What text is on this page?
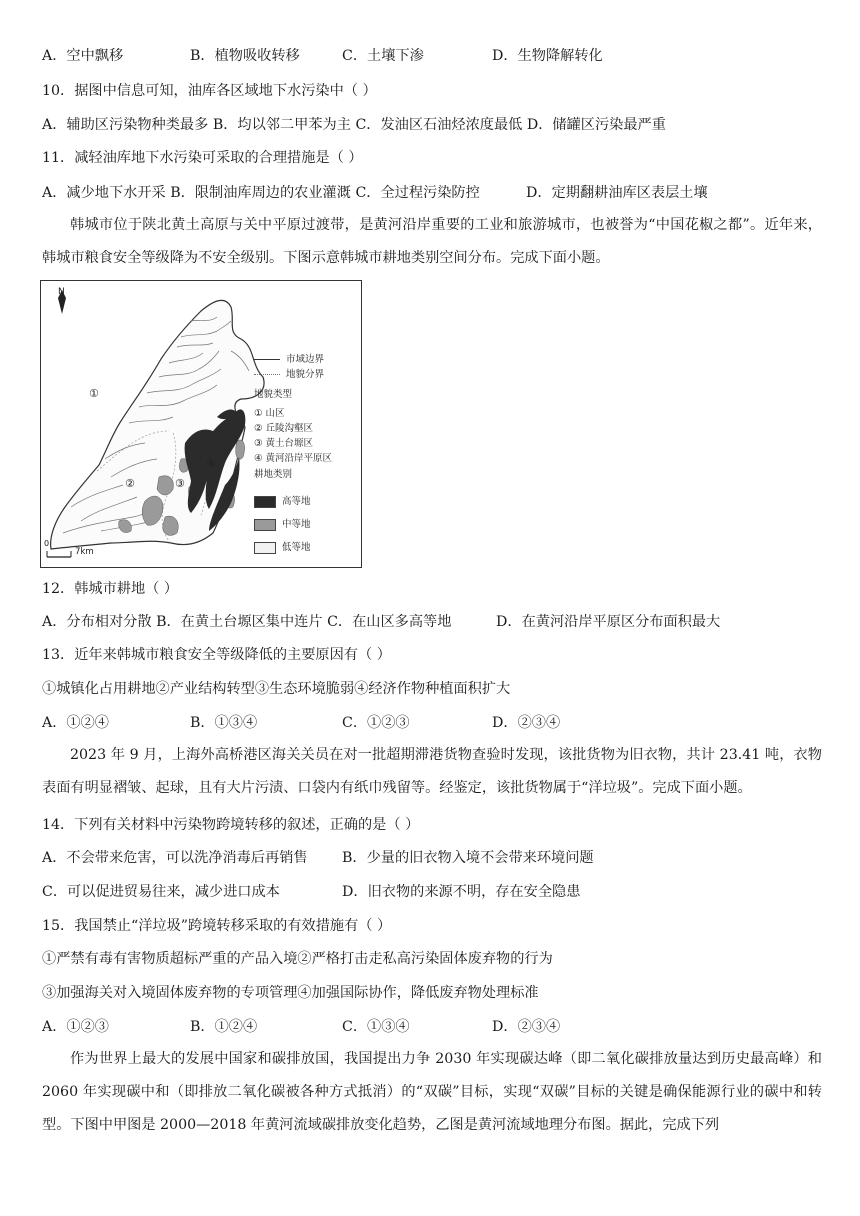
A．空中飘移	B．植物吸收转移	C．土壤下渗	D．生物降解转化
10．据图中信息可知，油库各区域地下水污染中（ ）
A．辅助区污染物种类最多 B．均以邻二甲苯为主 C．发油区石油烃浓度最低 D．储罐区污染最严重
11．减轻油库地下水污染可采取的合理措施是（ ）
A．减少地下水开采 B．限制油库周边的农业灌溉 C．全过程污染防控	D．定期翻耕油库区表层土壤
韩城市位于陕北黄土高原与关中平原过渡带，是黄河沿岸重要的工业和旅游城市，也被誉为“中国花椒之都”。近年来，韩城市粮食安全等级降为不安全级别。下图示意韩城市耕地类别空间分布。完成下面小题。
①
②	③
④
N
0
7km
市域边界
地貌分界
地貌类型
① 山区
② 丘陵沟壑区
③ 黄土台塬区
④ 黄河沿岸平原区
耕地类别
高等地
中等地
低等地
12．韩城市耕地（ ）
A．分布相对分散 B．在黄土台塬区集中连片 C．在山区多高等地	D．在黄河沿岸平原区分布面积最大
13．近年来韩城市粮食安全等级降低的主要原因有（ ）
①城镇化占用耕地②产业结构转型③生态环境脆弱④经济作物种植面积扩大
A．①②④	B．①③④	C．①②③	D．②③④
2023 年 9 月，上海外高桥港区海关关员在对一批超期滞港货物查验时发现，该批货物为旧衣物，共计 23.41 吨，衣物表面有明显褶皱、起球，且有大片污渍、口袋内有纸巾残留等。经鉴定，该批货物属于“洋垃圾”。完成下面小题。
14．下列有关材料中污染物跨境转移的叙述，正确的是（ ）
A．不会带来危害，可以洗净消毒后再销售 B．少量的旧衣物入境不会带来环境问题
C．可以促进贸易往来，减少进口成本	D．旧衣物的来源不明，存在安全隐患
15．我国禁止“洋垃圾”跨境转移采取的有效措施有（ ）
①严禁有毒有害物质超标严重的产品入境②严格打击走私高污染固体废弃物的行为
③加强海关对入境固体废弃物的专项管理④加强国际协作，降低废弃物处理标准
A．①②③	B．①②④	C．①③④	D．②③④
作为世界上最大的发展中国家和碳排放国，我国提出力争 2030 年实现碳达峰（即二氧化碳排放量达到历史最高峰）和 2060 年实现碳中和（即排放二氧化碳被各种方式抵消）的“双碳”目标，实现“双碳”目标的关键是确保能源行业的碳中和转型。下图中甲图是 2000—2018 年黄河流域碳排放变化趋势，乙图是黄河流域地理分布图。据此，完成下列
